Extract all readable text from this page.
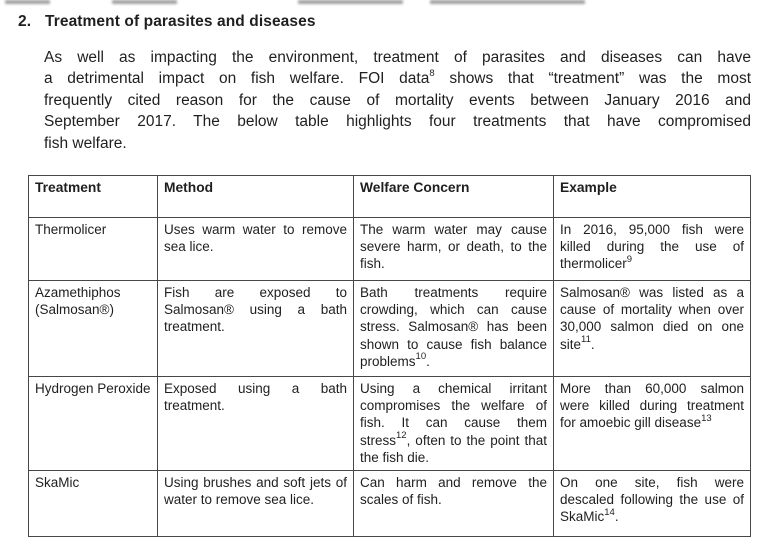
2. Treatment of parasites and diseases
As well as impacting the environment, treatment of parasites and diseases can have
a detrimental impact on fish welfare. FOI data$^8$ shows that “treatment” was the most
frequently cited reason for the cause of mortality events between January 2016 and
September 2017. The below table highlights four treatments that have compromised
fish welfare.
Treatment	Method	Welfare Concern	Example
Thermolicer	Uses warm water to remove sea lice.	The warm water may cause severe harm, or death, to the fish.	In 2016, 95,000 fish were killed during the use of thermolicer$^9$
Azamethiphos (Salmosan®)	Fish are exposed to Salmosan® using a bath treatment.	Bath treatments require crowding, which can cause stress. Salmosan® has been shown to cause fish balance problems$^{10}$.	Salmosan® was listed as a cause of mortality when over 30,000 salmon died on one site$^{11}$.
Hydrogen Peroxide	Exposed using a bath treatment.	Using a chemical irritant compromises the welfare of fish. It can cause them stress$^{12}$, often to the point that the fish die.	More than 60,000 salmon were killed during treatment for amoebic gill disease$^{13}$
SkaMic	Using brushes and soft jets of water to remove sea lice.	Can harm and remove the scales of fish.	On one site, fish were descaled following the use of SkaMic$^{14}$.
